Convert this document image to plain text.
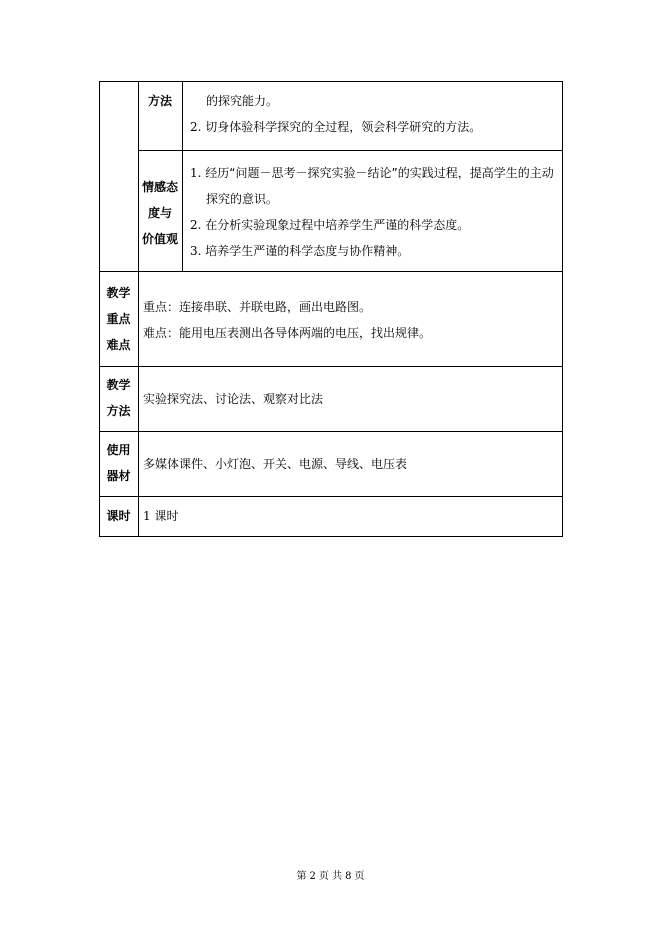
方法	的探究能力。
2. 切身体验科学探究的全过程，领会科学研究的方法。
情感态
度与
价值观
1. 经历“问题－思考－探究实验－结论”的实践过程，提高学生的主动
探究的意识。
2. 在分析实验现象过程中培养学生严谨的科学态度。
3. 培养学生严谨的科学态度与协作精神。
教学
重点
难点
重点：连接串联、并联电路，画出电路图。
难点：能用电压表测出各导体两端的电压，找出规律。
教学
方法
实验探究法、讨论法、观察对比法
使用
器材
多媒体课件、小灯泡、开关、电源、导线、电压表
课时	1 课时
第 2 页 共 8 页
